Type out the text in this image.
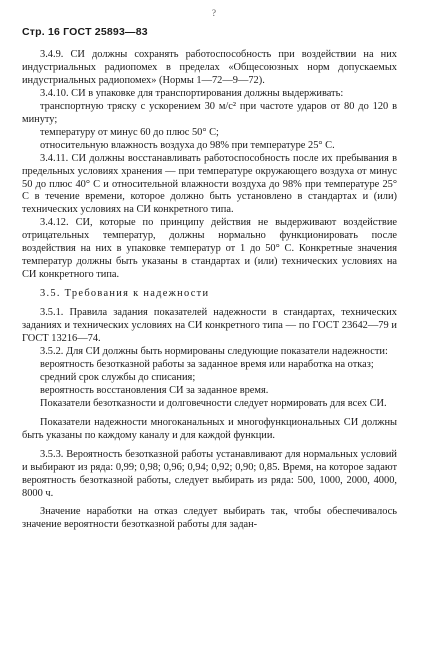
?
Стр. 16 ГОСТ 25893—83

3.4.9. СИ должны сохранять работоспособность при воздействии на них индустриальных радиопомех в пределах «Общесоюзных норм допускаемых индустриальных радиопомех» (Нормы 1—72—9—72).

3.4.10. СИ в упаковке для транспортирования должны выдерживать:

транспортную тряску с ускорением 30 м/с² при частоте ударов от 80 до 120 в минуту;

температуру от минус 60 до плюс 50° С;

относительную влажность воздуха до 98% при температуре 25° С.

3.4.11. СИ должны восстанавливать работоспособность после их пребывания в предельных условиях хранения — при температуре окружающего воздуха от минус 50 до плюс 40° С и относительной влажности воздуха до 98% при температуре 25° С в течение времени, которое должно быть установлено в стандартах и (или) технических условиях на СИ конкретного типа.

3.4.12. СИ, которые по принципу действия не выдерживают воздействие отрицательных температур, должны нормально функционировать после воздействия на них в упаковке температур от 1 до 50° С. Конкретные значения температур должны быть указаны в стандартах и (или) технических условиях на СИ конкретного типа.

3.5. Требования к надежности

3.5.1. Правила задания показателей надежности в стандартах, технических заданиях и технических условиях на СИ конкретного типа — по ГОСТ 23642—79 и ГОСТ 13216—74.

3.5.2. Для СИ должны быть нормированы следующие показатели надежности:

вероятность безотказной работы за заданное время или наработка на отказ;

средний срок службы до списания;

вероятность восстановления СИ за заданное время.

Показатели безотказности и долговечности следует нормировать для всех СИ.

Показатели надежности многоканальных и многофункциональных СИ должны быть указаны по каждому каналу и для каждой функции.

3.5.3. Вероятность безотказной работы устанавливают для нормальных условий и выбирают из ряда: 0,99; 0,98; 0,96; 0,94; 0,92; 0,90; 0,85. Время, на которое задают вероятность безотказной работы, следует выбирать из ряда: 500, 1000, 2000, 4000, 8000 ч.

Значение наработки на отказ следует выбирать так, чтобы обеспечивалось значение вероятности безотказной работы для задан-
